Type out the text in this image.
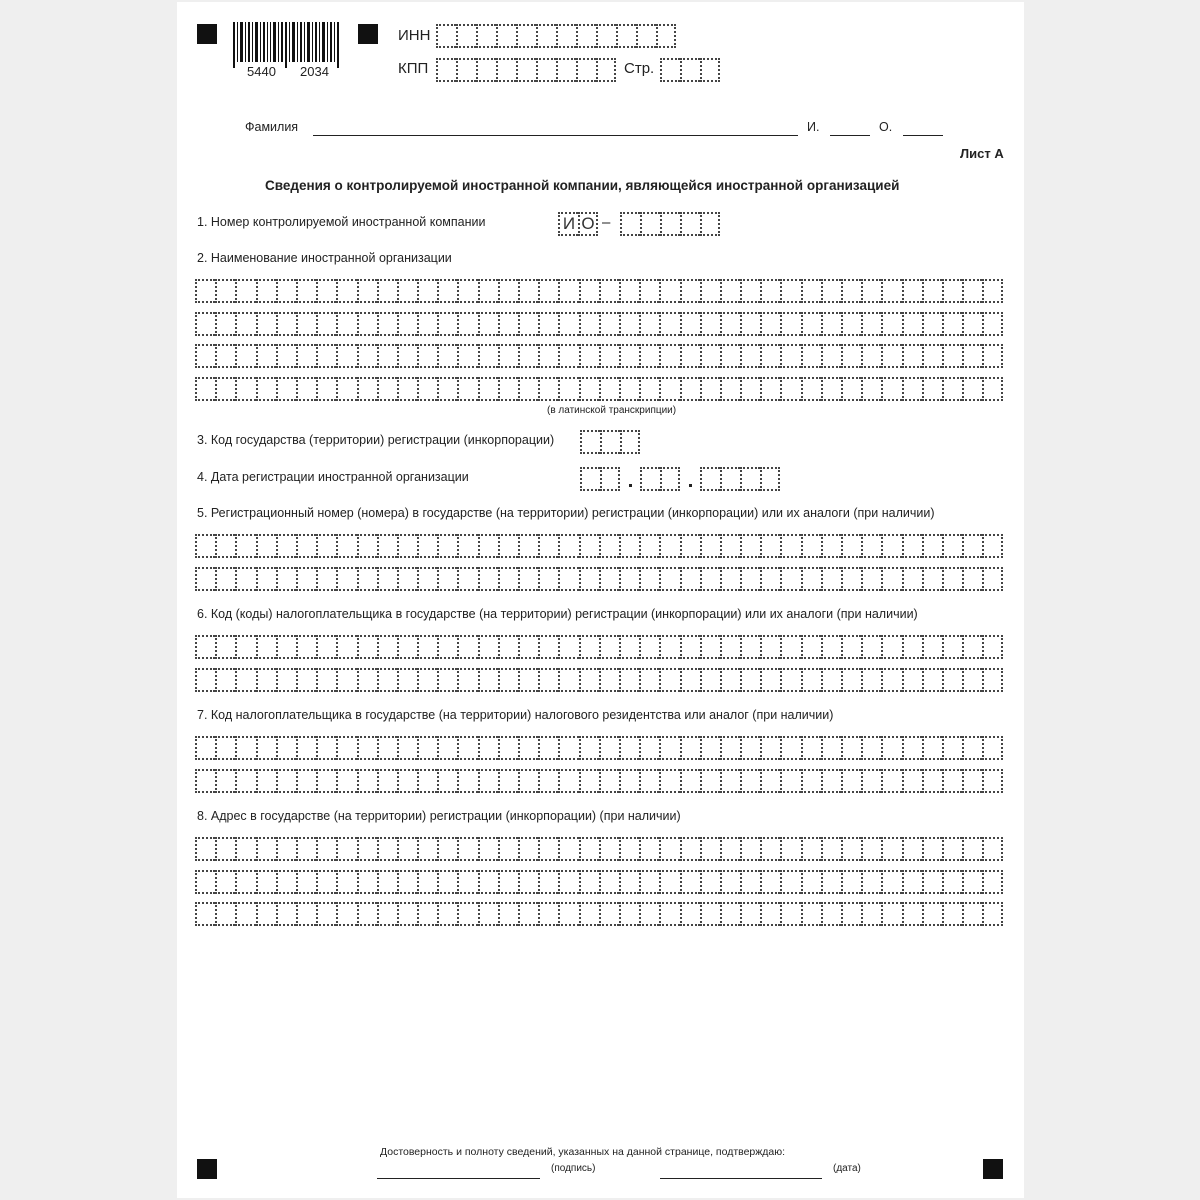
5440 2034
ИНН
КПП	Стр.
Фамилия	И.	О.
Лист А
Сведения о контролируемой иностранной компании, являющейся иностранной организацией
1. Номер контролируемой иностранной компании	И О –
2. Наименование иностранной организации
(в латинской транскрипции)
3. Код государства (территории) регистрации (инкорпорации)
4. Дата регистрации иностранной организации
5. Регистрационный номер (номера) в государстве (на территории) регистрации (инкорпорации) или их аналоги (при наличии)
6. Код (коды) налогоплательщика в государстве (на территории) регистрации (инкорпорации) или их аналоги (при наличии)
7. Код налогоплательщика в государстве (на территории) налогового резидентства или аналог (при наличии)
8. Адрес в государстве (на территории) регистрации (инкорпорации) (при наличии)
Достоверность и полноту сведений, указанных на данной странице, подтверждаю:
(подпись)	(дата)
